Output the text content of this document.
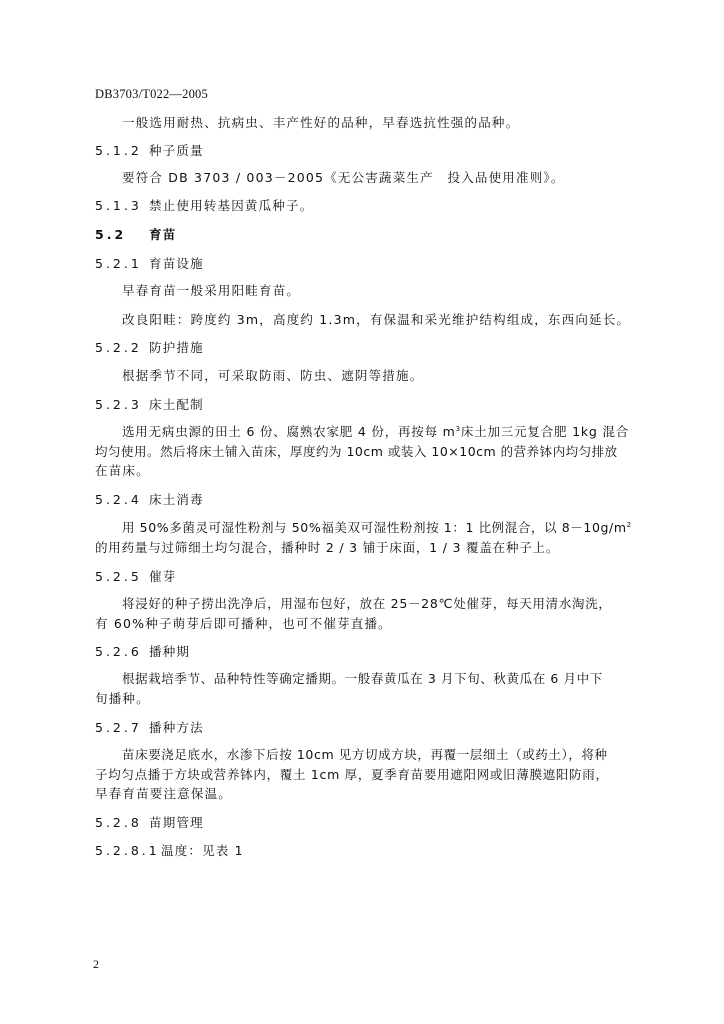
DB3703/T022—2005
一般选用耐热、抗病虫、丰产性好的品种，早春选抗性强的品种。
5.1.2 种子质量
要符合 DB 3703 / 003－2005《无公害蔬菜生产　投入品使用准则》。
5.1.3 禁止使用转基因黄瓜种子。
5.2 育苗
5.2.1 育苗设施
早春育苗一般采用阳畦育苗。
改良阳畦：跨度约 3m，高度约 1.3m，有保温和采光维护结构组成，东西向延长。
5.2.2 防护措施
根据季节不同，可采取防雨、防虫、遮阴等措施。
5.2.3 床土配制
选用无病虫源的田土 6 份、腐熟农家肥 4 份，再按每 $m^3$床土加三元复合肥 1kg 混合
均匀使用。然后将床土铺入苗床，厚度约为 10cm 或装入 10×10cm 的营养钵内均匀排放
在苗床。
5.2.4 床土消毒
用 50%多菌灵可湿性粉剂与 50%福美双可湿性粉剂按 1：1 比例混合，以 $8-10g/m^2$
的用药量与过筛细土均匀混合，播种时 2 / 3 铺于床面，1 / 3 覆盖在种子上。
5.2.5 催芽
将浸好的种子捞出洗净后，用湿布包好，放在 25－28℃处催芽，每天用清水淘洗，
有 60%种子萌芽后即可播种，也可不催芽直播。
5.2.6 播种期
根据栽培季节、品种特性等确定播期。一般春黄瓜在 3 月下旬、秋黄瓜在 6 月中下
旬播种。
5.2.7 播种方法
苗床要浇足底水，水渗下后按 10cm 见方切成方块，再覆一层细土（或药土），将种
子均匀点播于方块或营养钵内，覆土 1cm 厚，夏季育苗要用遮阳网或旧薄膜遮阳防雨，
早春育苗要注意保温。
5.2.8 苗期管理
5.2.8.1温度：见表 1
2
